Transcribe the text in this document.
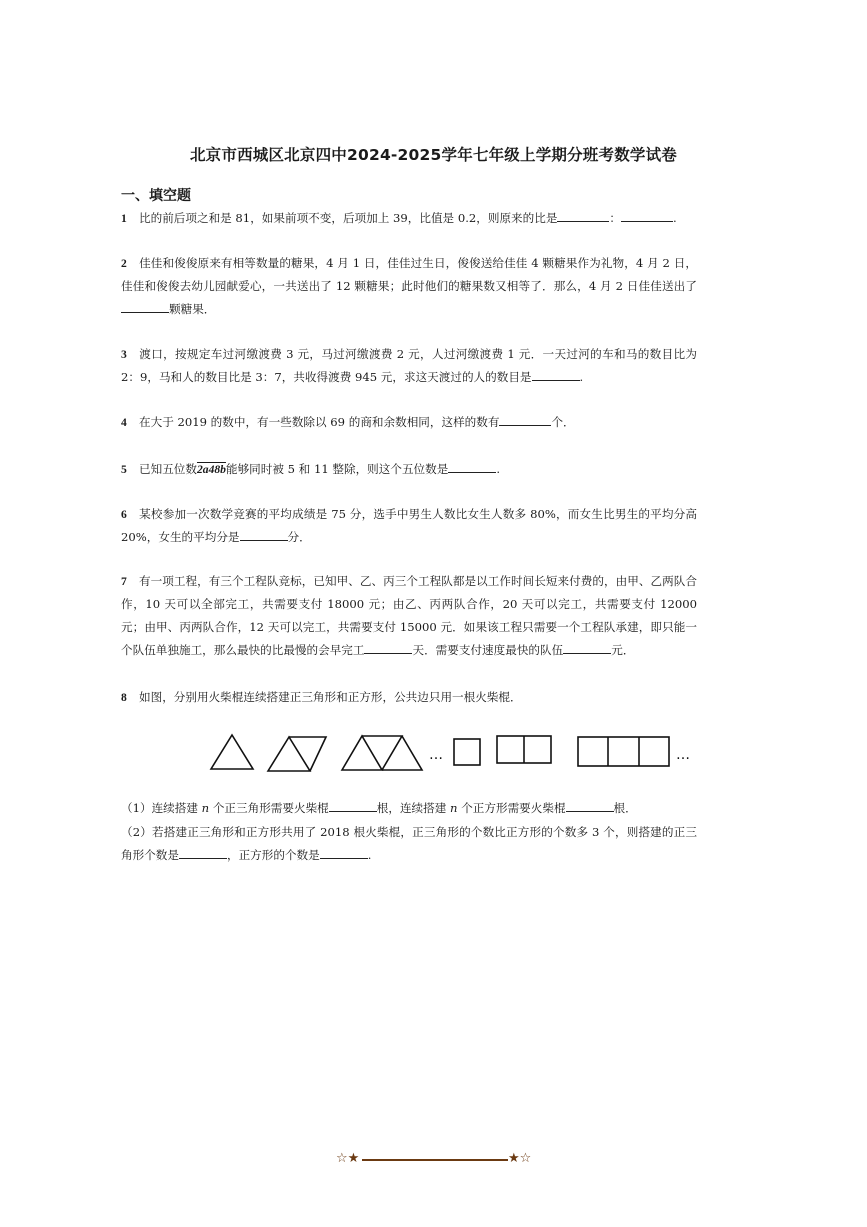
北京市西城区北京四中2024-2025学年七年级上学期分班考数学试卷
一、填空题
1 比的前后项之和是 81，如果前项不变，后项加上 39，比值是 0.2，则原来的比是	：	.
2 佳佳和俊俊原来有相等数量的糖果，4 月 1 日，佳佳过生日，俊俊送给佳佳 4 颗糖果作为礼物，4 月 2 日，佳佳和俊俊去幼儿园献爱心，一共送出了 12 颗糖果；此时他们的糖果数又相等了．那么，4 月 2 日佳佳送出了颗糖果．
3 渡口，按规定车过河缴渡费 3 元，马过河缴渡费 2 元，人过河缴渡费 1 元．一天过河的车和马的数目比为 2：9，马和人的数目比是 3：7，共收得渡费 945 元，求这天渡过的人的数目是	.
4 在大于 2019 的数中，有一些数除以 69 的商和余数相同，这样的数有	个．
5 已知五位数2a48b能够同时被 5 和 11 整除，则这个五位数是	.
6 某校参加一次数学竞赛的平均成绩是 75 分，选手中男生人数比女生人数多 80%，而女生比男生的平均分高 20%，女生的平均分是	分．
7 有一项工程，有三个工程队竞标，已知甲、乙、丙三个工程队都是以工作时间长短来付费的，由甲、乙两队合作，10 天可以全部完工，共需要支付 18000 元；由乙、丙两队合作，20 天可以完工，共需要支付 12000 元；由甲、丙两队合作，12 天可以完工，共需要支付 15000 元．如果该工程只需要一个工程队承建，即只能一个队伍单独施工，那么最快的比最慢的会早完工	天．需要支付速度最快的队伍	元．
8 如图，分别用火柴棍连续搭建正三角形和正方形，公共边只用一根火柴棍．
…	…
（1）连续搭建 n 个正三角形需要火柴棍	根，连续搭建 n 个正方形需要火柴棍	根．
（2）若搭建正三角形和正方形共用了 2018 根火柴棍，正三角形的个数比正方形的个数多 3 个，则搭建的正三角形个数是	，正方形的个数是	.
☆★	★☆
